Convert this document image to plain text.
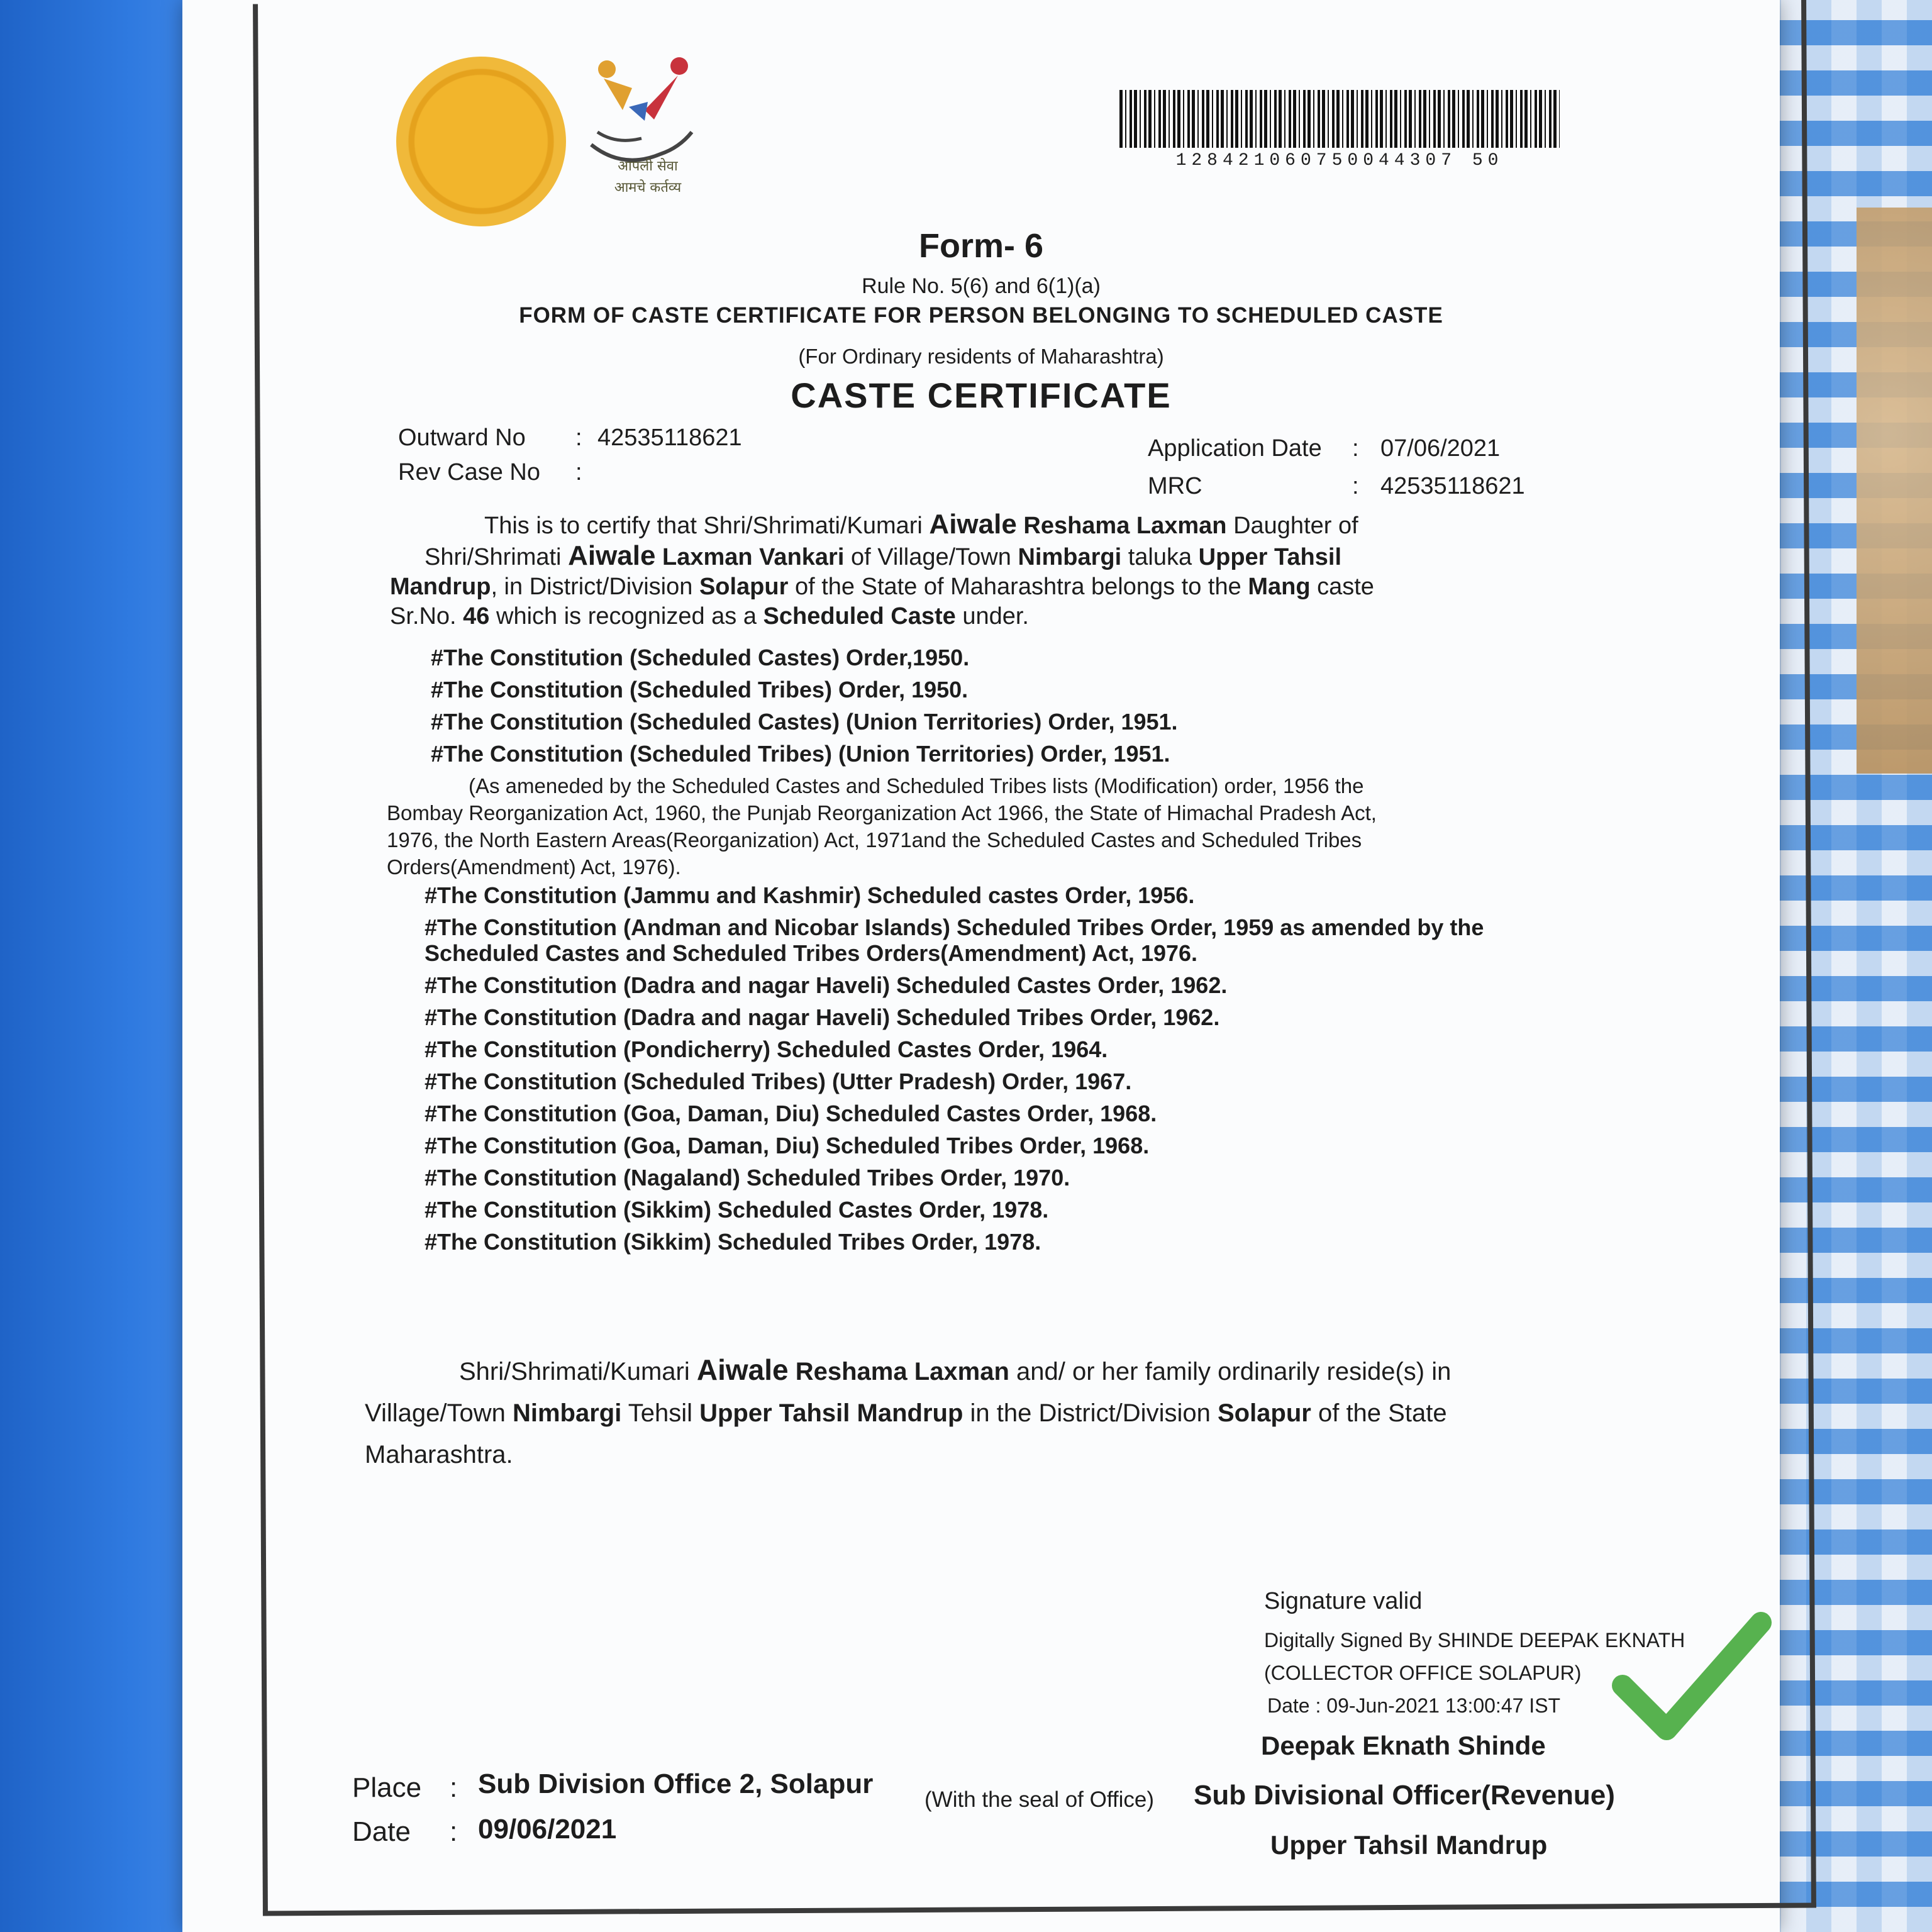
आपली सेवा
आमचे कर्तव्य
128421060750044307 50
Form- 6
Rule No. 5(6) and 6(1)(a)
FORM OF CASTE CERTIFICATE FOR PERSON BELONGING TO SCHEDULED CASTE
(For Ordinary residents of Maharashtra)
CASTE CERTIFICATE
Outward No : 42535118621
Rev Case No :
Application Date : 07/06/2021
MRC	: 42535118621
This is to certify that Shri/Shrimati/Kumari Aiwale Reshama Laxman Daughter of
Shri/Shrimati Aiwale Laxman Vankari of Village/Town Nimbargi taluka Upper Tahsil
Mandrup, in District/Division Solapur of the State of Maharashtra belongs to the Mang caste
Sr.No. 46 which is recognized as a Scheduled Caste under.
#The Constitution (Scheduled Castes) Order,1950.
#The Constitution (Scheduled Tribes) Order, 1950.
#The Constitution (Scheduled Castes) (Union Territories) Order, 1951.
#The Constitution (Scheduled Tribes) (Union Territories) Order, 1951.
(As ameneded by the Scheduled Castes and Scheduled Tribes lists (Modification) order, 1956 the
Bombay Reorganization Act, 1960, the Punjab Reorganization Act 1966, the State of Himachal Pradesh Act,
1976, the North Eastern Areas(Reorganization) Act, 1971and the Scheduled Castes and Scheduled Tribes
Orders(Amendment) Act, 1976).
#The Constitution (Jammu and Kashmir) Scheduled castes Order, 1956.
#The Constitution (Andman and Nicobar Islands) Scheduled Tribes Order, 1959 as amended by the
Scheduled Castes and Scheduled Tribes Orders(Amendment) Act, 1976.
#The Constitution (Dadra and nagar Haveli) Scheduled Castes Order, 1962.
#The Constitution (Dadra and nagar Haveli) Scheduled Tribes Order, 1962.
#The Constitution (Pondicherry) Scheduled Castes Order, 1964.
#The Constitution (Scheduled Tribes) (Utter Pradesh) Order, 1967.
#The Constitution (Goa, Daman, Diu) Scheduled Castes Order, 1968.
#The Constitution (Goa, Daman, Diu) Scheduled Tribes Order, 1968.
#The Constitution (Nagaland) Scheduled Tribes Order, 1970.
#The Constitution (Sikkim) Scheduled Castes Order, 1978.
#The Constitution (Sikkim) Scheduled Tribes Order, 1978.
Shri/Shrimati/Kumari Aiwale Reshama Laxman and/ or her family ordinarily reside(s) in
Village/Town Nimbargi Tehsil Upper Tahsil Mandrup in the District/Division Solapur of the State
Maharashtra.
Signature valid
Digitally Signed By SHINDE DEEPAK EKNATH
(COLLECTOR OFFICE SOLAPUR)
Date : 09-Jun-2021 13:00:47 IST
Deepak Eknath Shinde
(With the seal of Office) Sub Divisional Officer(Revenue)
Upper Tahsil Mandrup
Place : Sub Division Office 2, Solapur
Date : 09/06/2021
